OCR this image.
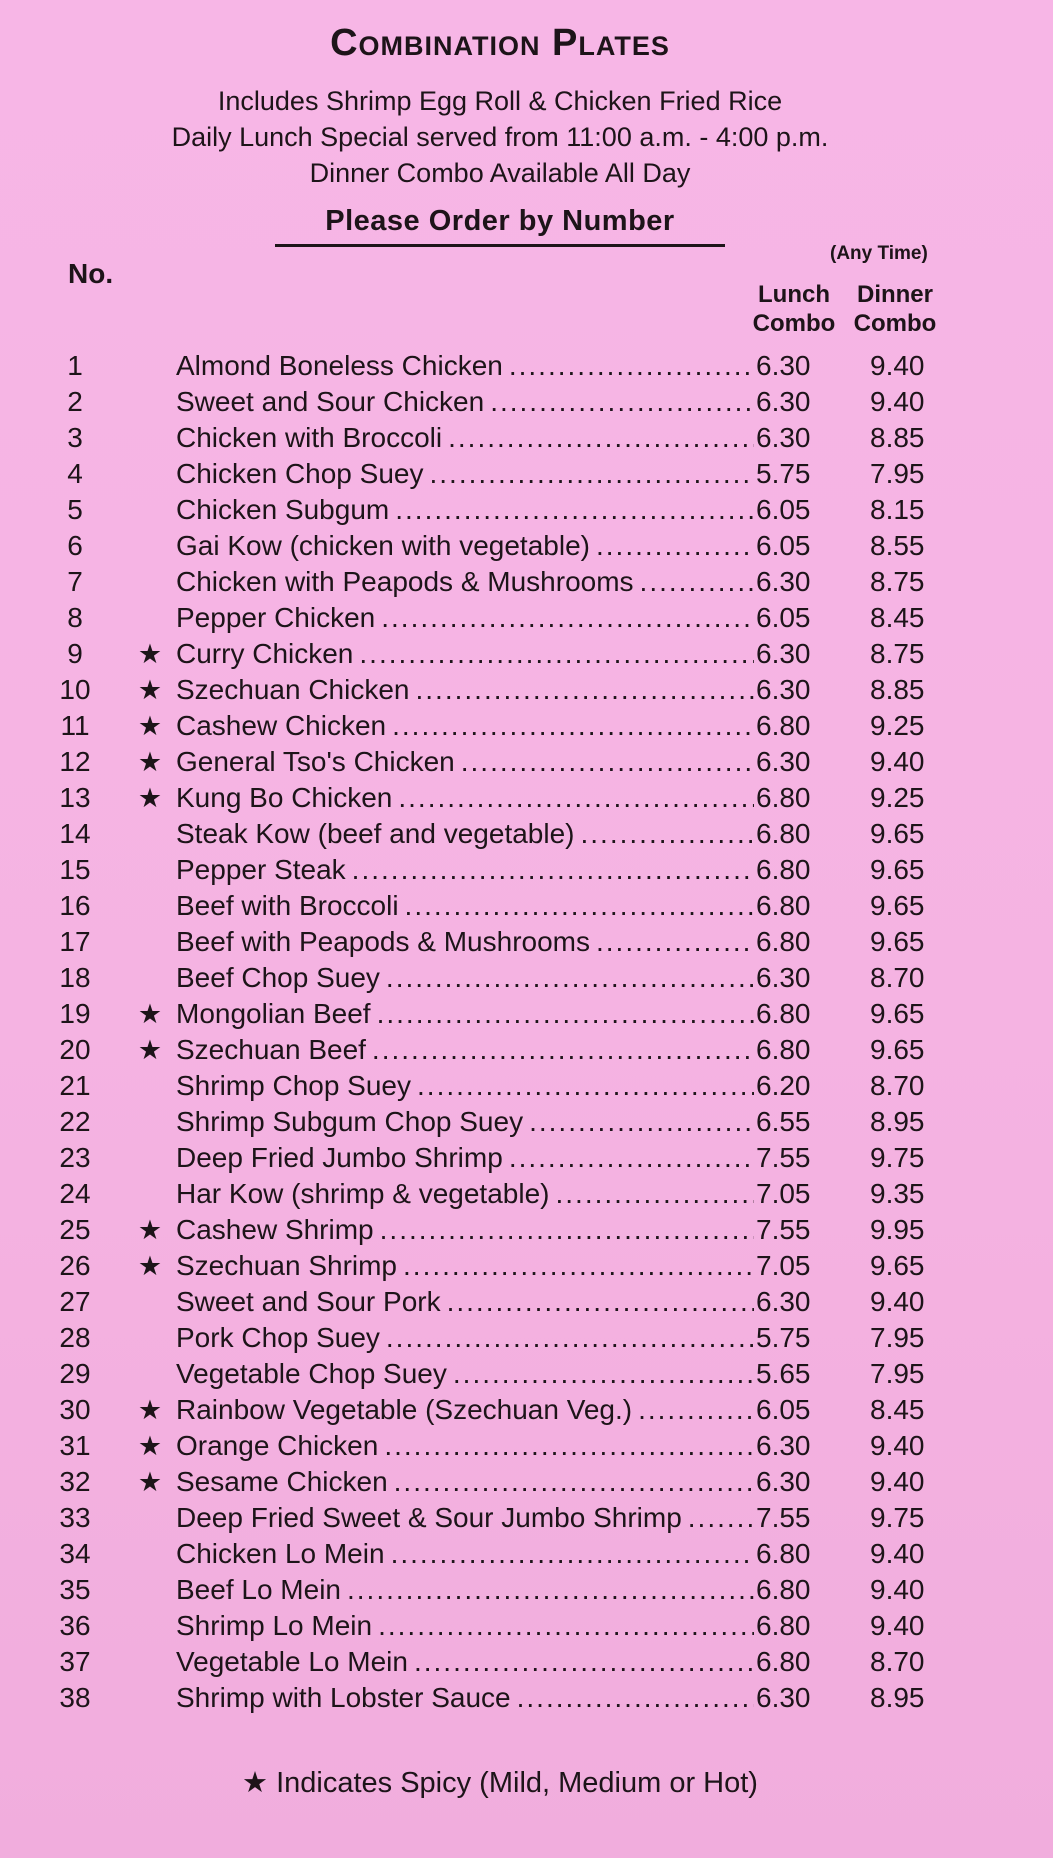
Combination Plates
Includes Shrimp Egg Roll & Chicken Fried Rice
Daily Lunch Special served from 11:00 a.m. - 4:00 p.m.
Dinner Combo Available All Day
Please Order by Number
No.
(Any Time)
Lunch Combo
Dinner Combo
1	Almond Boneless Chicken .....	6.30	9.40
2	Sweet and Sour Chicken .....	6.30	9.40
3	Chicken with Broccoli .....	6.30	8.85
4	Chicken Chop Suey .....	5.75	7.95
5	Chicken Subgum .....	6.05	8.15
6	Gai Kow (chicken with vegetable) .....	6.05	8.55
7	Chicken with Peapods & Mushrooms .....	6.30	8.75
8	Pepper Chicken .....	6.05	8.45
9	★ Curry Chicken .....	6.30	8.75
10	★ Szechuan Chicken .....	6.30	8.85
11	★ Cashew Chicken .....	6.80	9.25
12	★ General Tso's Chicken .....	6.30	9.40
13	★ Kung Bo Chicken .....	6.80	9.25
14	Steak Kow (beef and vegetable) .....	6.80	9.65
15	Pepper Steak .....	6.80	9.65
16	Beef with Broccoli .....	6.80	9.65
17	Beef with Peapods & Mushrooms .....	6.80	9.65
18	Beef Chop Suey .....	6.30	8.70
19	★ Mongolian Beef .....	6.80	9.65
20	★ Szechuan Beef .....	6.80	9.65
21	Shrimp Chop Suey .....	6.20	8.70
22	Shrimp Subgum Chop Suey .....	6.55	8.95
23	Deep Fried Jumbo Shrimp .....	7.55	9.75
24	Har Kow (shrimp & vegetable) .....	7.05	9.35
25	★ Cashew Shrimp .....	7.55	9.95
26	★ Szechuan Shrimp .....	7.05	9.65
27	Sweet and Sour Pork .....	6.30	9.40
28	Pork Chop Suey .....	5.75	7.95
29	Vegetable Chop Suey .....	5.65	7.95
30	★ Rainbow Vegetable (Szechuan Veg.) .....	6.05	8.45
31	★ Orange Chicken .....	6.30	9.40
32	★ Sesame Chicken .....	6.30	9.40
33	Deep Fried Sweet & Sour Jumbo Shrimp .....	7.55	9.75
34	Chicken Lo Mein .....	6.80	9.40
35	Beef Lo Mein .....	6.80	9.40
36	Shrimp Lo Mein .....	6.80	9.40
37	Vegetable Lo Mein .....	6.80	8.70
38	Shrimp with Lobster Sauce .....	6.30	8.95
★ Indicates Spicy (Mild, Medium or Hot)
